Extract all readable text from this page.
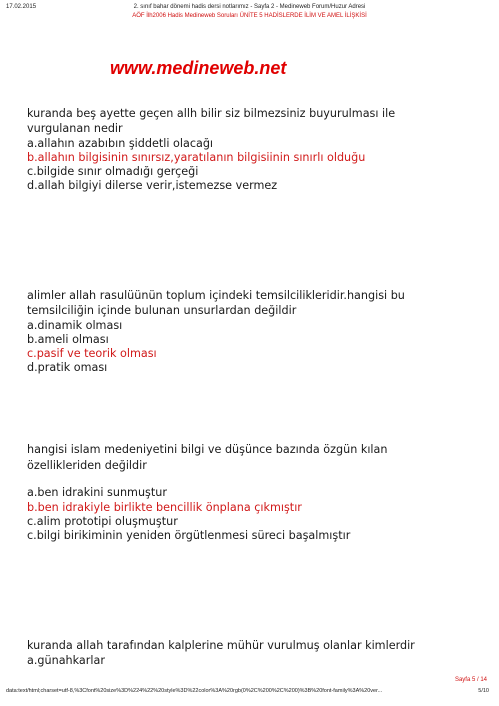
17.02.2015	2. sınıf bahar dönemi hadis dersi notlarımız - Sayfa 2 - Medineweb Forum/Huzur Adresi
AÖF İlh2006 Hadis Medineweb Soruları ÜNİTE 5 HADİSLERDE İLİM VE AMEL İLİŞKİSİ
www.medineweb.net
kuranda beş ayette geçen allh bilir siz bilmezsiniz buyurulması ile
vurgulanan nedir
a.allahın azabıbın şiddetli olacağı
b.allahın bilgisinin sınırsız,yaratılanın bilgisiinin sınırlı olduğu
c.bilgide sınır olmadığı gerçeği
d.allah bilgiyi dilerse verir,istemezse vermez
alimler allah rasulüünün toplum içindeki temsilcilikleridir.hangisi bu
temsilciliğin içinde bulunan unsurlardan değildir
a.dinamik olması
b.ameli olması
c.pasif ve teorik olması
d.pratik oması
hangisi islam medeniyetini bilgi ve düşünce bazında özgün kılan
özellikleriden değildir
a.ben idrakini sunmuştur
b.ben idrakiyle birlikte bencillik önplana çıkmıştır
c.alim prototipi oluşmuştur
c.bilgi birikiminin yeniden örgütlenmesi süreci başalmıştır
kuranda allah tarafından kalplerine mühür vurulmuş olanlar kimlerdir
a.günahkarlar
Sayfa 5 / 14
data:text/html;charset=utf-8,%3Cfont%20size%3D%224%22%20style%3D%22color%3A%20rgb(0%2C%200%2C%200)%3B%20font-family%3A%20ver...	5/10
